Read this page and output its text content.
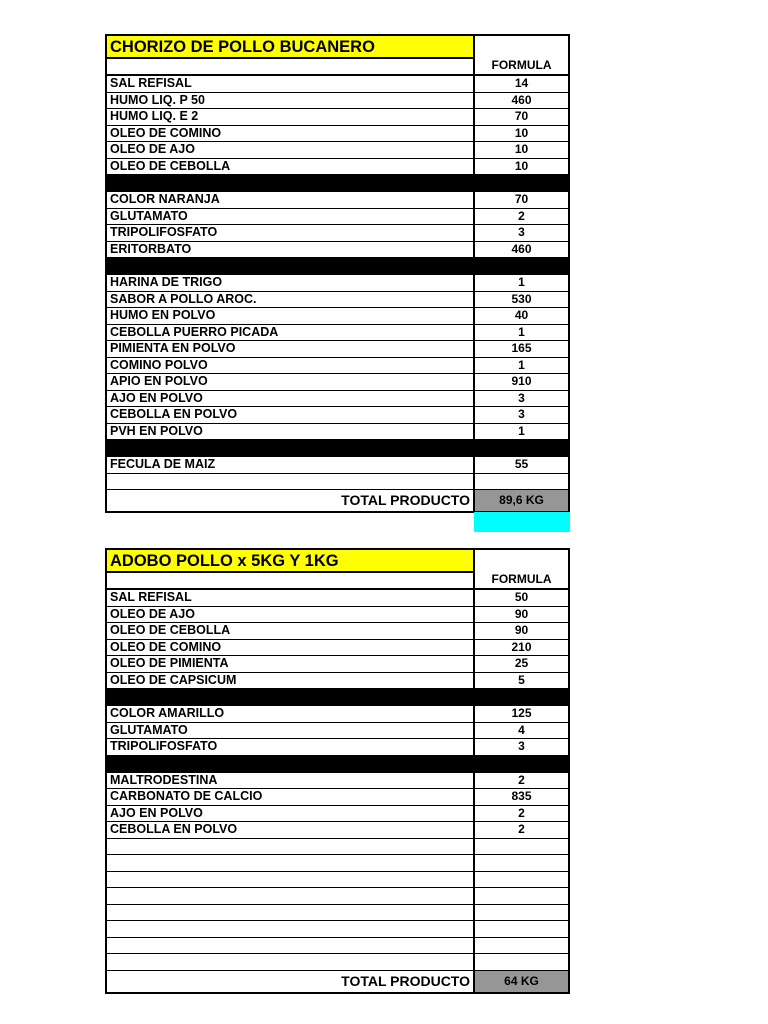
CHORIZO DE POLLO BUCANERO
FORMULA
SAL REFISAL	14
HUMO LIQ. P 50	460
HUMO LIQ. E 2	70
OLEO DE COMINO	10
OLEO DE AJO	10
OLEO DE CEBOLLA	10
COLOR NARANJA	70
GLUTAMATO	2
TRIPOLIFOSFATO	3
ERITORBATO	460
HARINA DE TRIGO	1
SABOR A POLLO AROC.	530
HUMO EN POLVO	40
CEBOLLA PUERRO PICADA	1
PIMIENTA EN POLVO	165
COMINO POLVO	1
APIO EN POLVO	910
AJO EN POLVO	3
CEBOLLA EN POLVO	3
PVH EN POLVO	1
FECULA DE MAIZ	55
TOTAL PRODUCTO	89,6 KG
ADOBO POLLO x 5KG Y 1KG
FORMULA
SAL REFISAL	50
OLEO DE AJO	90
OLEO DE CEBOLLA	90
OLEO DE COMINO	210
OLEO DE PIMIENTA	25
OLEO DE CAPSICUM	5
COLOR AMARILLO	125
GLUTAMATO	4
TRIPOLIFOSFATO	3
MALTRODESTINA	2
CARBONATO DE CALCIO	835
AJO EN POLVO	2
CEBOLLA EN POLVO	2
TOTAL PRODUCTO	64 KG
